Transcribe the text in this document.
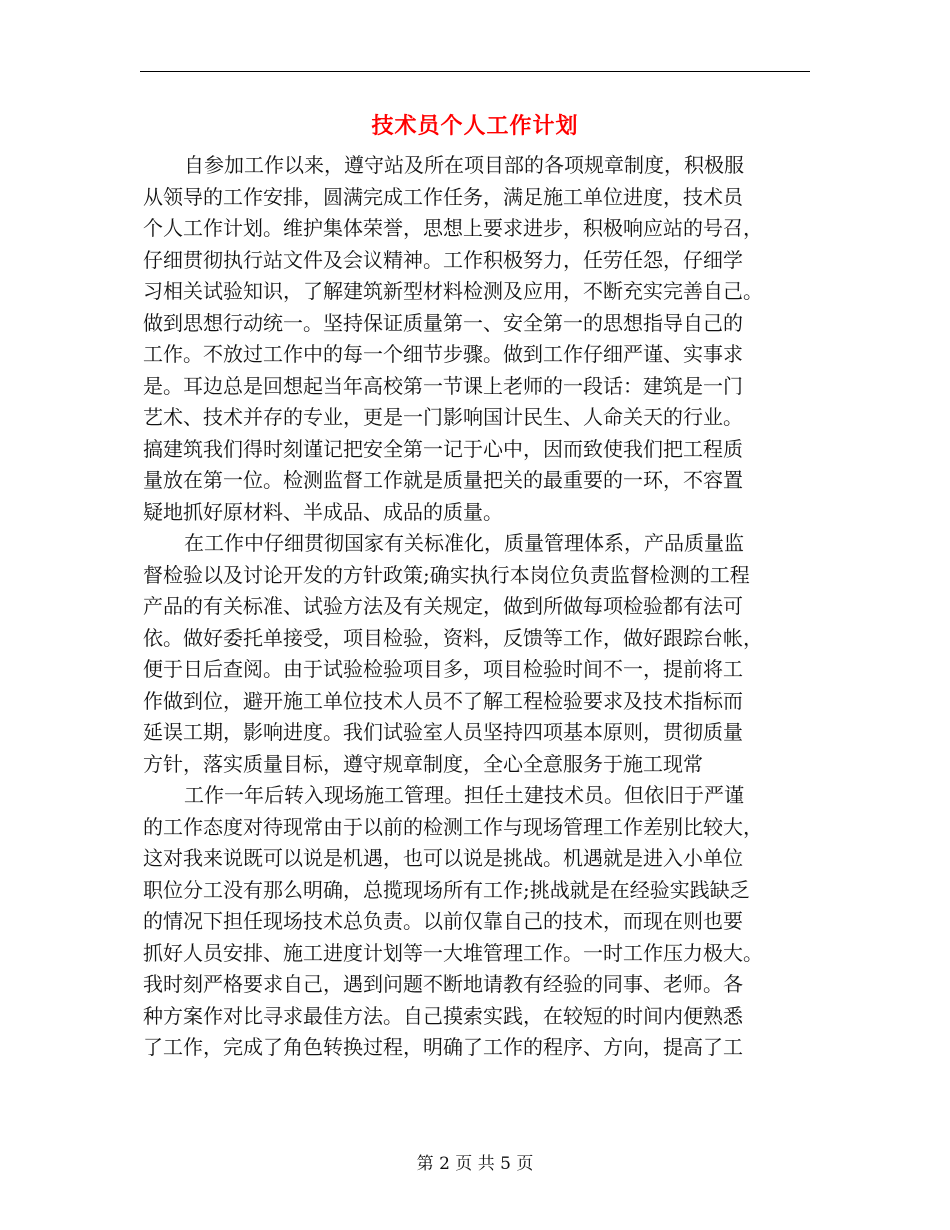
技术员个人工作计划
自参加工作以来，遵守站及所在项目部的各项规章制度，积极服
从领导的工作安排，圆满完成工作任务，满足施工单位进度，技术员
个人工作计划。维护集体荣誉，思想上要求进步，积极响应站的号召，
仔细贯彻执行站文件及会议精神。工作积极努力，任劳任怨，仔细学
习相关试验知识，了解建筑新型材料检测及应用，不断充实完善自己。
做到思想行动统一。坚持保证质量第一、安全第一的思想指导自己的
工作。不放过工作中的每一个细节步骤。做到工作仔细严谨、实事求
是。耳边总是回想起当年高校第一节课上老师的一段话：建筑是一门
艺术、技术并存的专业，更是一门影响国计民生、人命关天的行业。
搞建筑我们得时刻谨记把安全第一记于心中，因而致使我们把工程质
量放在第一位。检测监督工作就是质量把关的最重要的一环，不容置
疑地抓好原材料、半成品、成品的质量。
在工作中仔细贯彻国家有关标准化，质量管理体系，产品质量监
督检验以及讨论开发的方针政策;确实执行本岗位负责监督检测的工程
产品的有关标准、试验方法及有关规定，做到所做每项检验都有法可
依。做好委托单接受，项目检验，资料，反馈等工作，做好跟踪台帐，
便于日后查阅。由于试验检验项目多，项目检验时间不一，提前将工
作做到位，避开施工单位技术人员不了解工程检验要求及技术指标而
延误工期，影响进度。我们试验室人员坚持四项基本原则，贯彻质量
方针，落实质量目标，遵守规章制度，全心全意服务于施工现常
工作一年后转入现场施工管理。担任土建技术员。但依旧于严谨
的工作态度对待现常由于以前的检测工作与现场管理工作差别比较大，
这对我来说既可以说是机遇，也可以说是挑战。机遇就是进入小单位
职位分工没有那么明确，总揽现场所有工作;挑战就是在经验实践缺乏
的情况下担任现场技术总负责。以前仅靠自己的技术，而现在则也要
抓好人员安排、施工进度计划等一大堆管理工作。一时工作压力极大。
我时刻严格要求自己，遇到问题不断地请教有经验的同事、老师。各
种方案作对比寻求最佳方法。自己摸索实践，在较短的时间内便熟悉
了工作，完成了角色转换过程，明确了工作的程序、方向，提高了工
第 2 页 共 5 页
